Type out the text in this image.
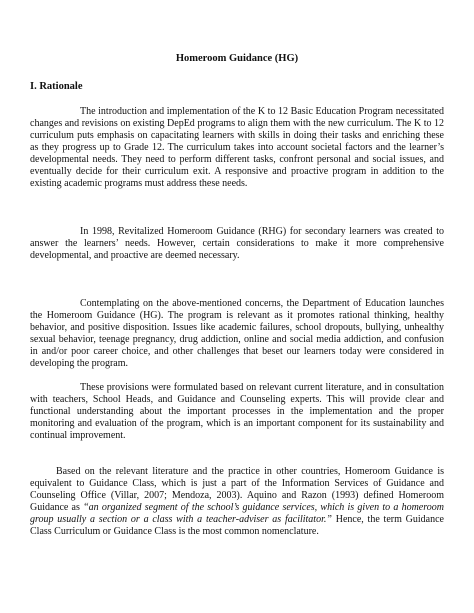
Homeroom Guidance (HG)
I. Rationale

The introduction and implementation of the K to 12 Basic Education Program necessitated changes and revisions on existing DepEd programs to align them with the new curriculum. The K to 12 curriculum puts emphasis on capacitating learners with skills in doing their tasks and enriching these as they progress up to Grade 12. The curriculum takes into account societal factors and the learner’s developmental needs. They need to perform different tasks, confront personal and social issues, and eventually decide for their curriculum exit. A responsive and proactive program in addition to the existing academic programs must address these needs.

In 1998, Revitalized Homeroom Guidance (RHG) for secondary learners was created to answer the learners’ needs. However, certain considerations to make it more comprehensive developmental, and proactive are deemed necessary.

Contemplating on the above-mentioned concerns, the Department of Education launches the Homeroom Guidance (HG). The program is relevant as it promotes rational thinking, healthy behavior, and positive disposition. Issues like academic failures, school dropouts, bullying, unhealthy sexual behavior, teenage pregnancy, drug addiction, online and social media addiction, and confusion in and/or poor career choice, and other challenges that beset our learners today were considered in developing the program.

These provisions were formulated based on relevant current literature, and in consultation with teachers, School Heads, and Guidance and Counseling experts. This will provide clear and functional understanding about the important processes in the implementation and the proper monitoring and evaluation of the program, which is an important component for its sustainability and continual improvement.

Based on the relevant literature and the practice in other countries, Homeroom Guidance is equivalent to Guidance Class, which is just a part of the Information Services of Guidance and Counseling Office (Villar, 2007; Mendoza, 2003). Aquino and Razon (1993) defined Homeroom Guidance as “an organized segment of the school’s guidance services, which is given to a homeroom group usually a section or a class with a teacher-adviser as facilitator.” Hence, the term Guidance Class Curriculum or Guidance Class is the most common nomenclature.
